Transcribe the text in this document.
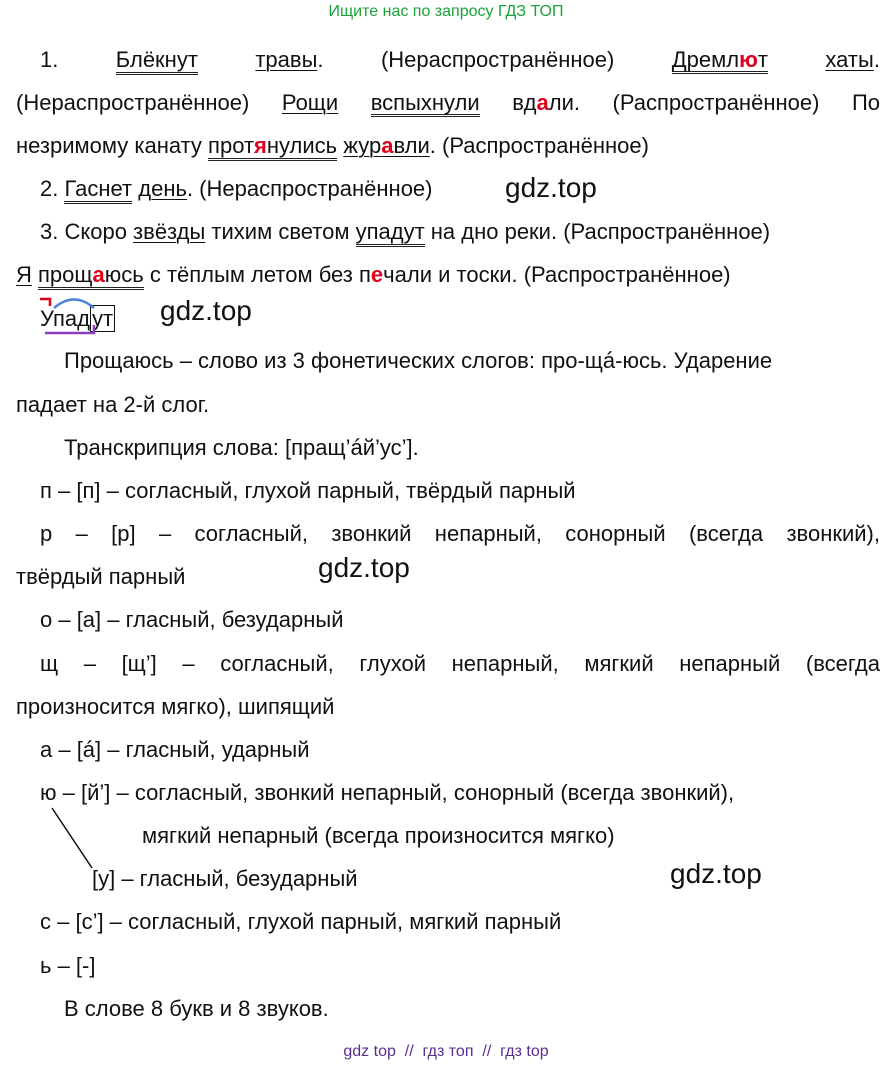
Ищите нас по запросу ГДЗ ТОП
1.	Блёкнут	травы.	(Нераспространённое)	Дремлют	хаты.
(Нераспространённое) Рощи вспыхнули вдали. (Распространённое) По
незримому канату протянулись журавли. (Распространённое)
2. Гаснет день. (Нераспространённое)	gdz.top
3. Скоро звёзды тихим светом упадут на дно реки. (Распространённое)
Я прощаюсь с тёплым летом без печали и тоски. (Распространённое)
Упадут gdz.top
Прощаюсь – слово из 3 фонетических слогов: про-щá-юсь. Ударение
падает на 2-й слог.
Транскрипция слова: [пращ’áй’ус’].
п – [п] – согласный, глухой парный, твёрдый парный
р – [р] – согласный, звонкий непарный, сонорный (всегда звонкий),
твёрдый парный	gdz.top
о – [а] – гласный, безударный
щ – [щ’] – согласный, глухой непарный, мягкий непарный (всегда
произносится мягко), шипящий
а – [á] – гласный, ударный
ю – [й’] – согласный, звонкий непарный, сонорный (всегда звонкий),
мягкий непарный (всегда произносится мягко)
[у] – гласный, безударный	gdz.top
с – [с’] – согласный, глухой парный, мягкий парный
ь – [-]
В слове 8 букв и 8 звуков.
gdz top  //  гдз топ  //  гдз top
